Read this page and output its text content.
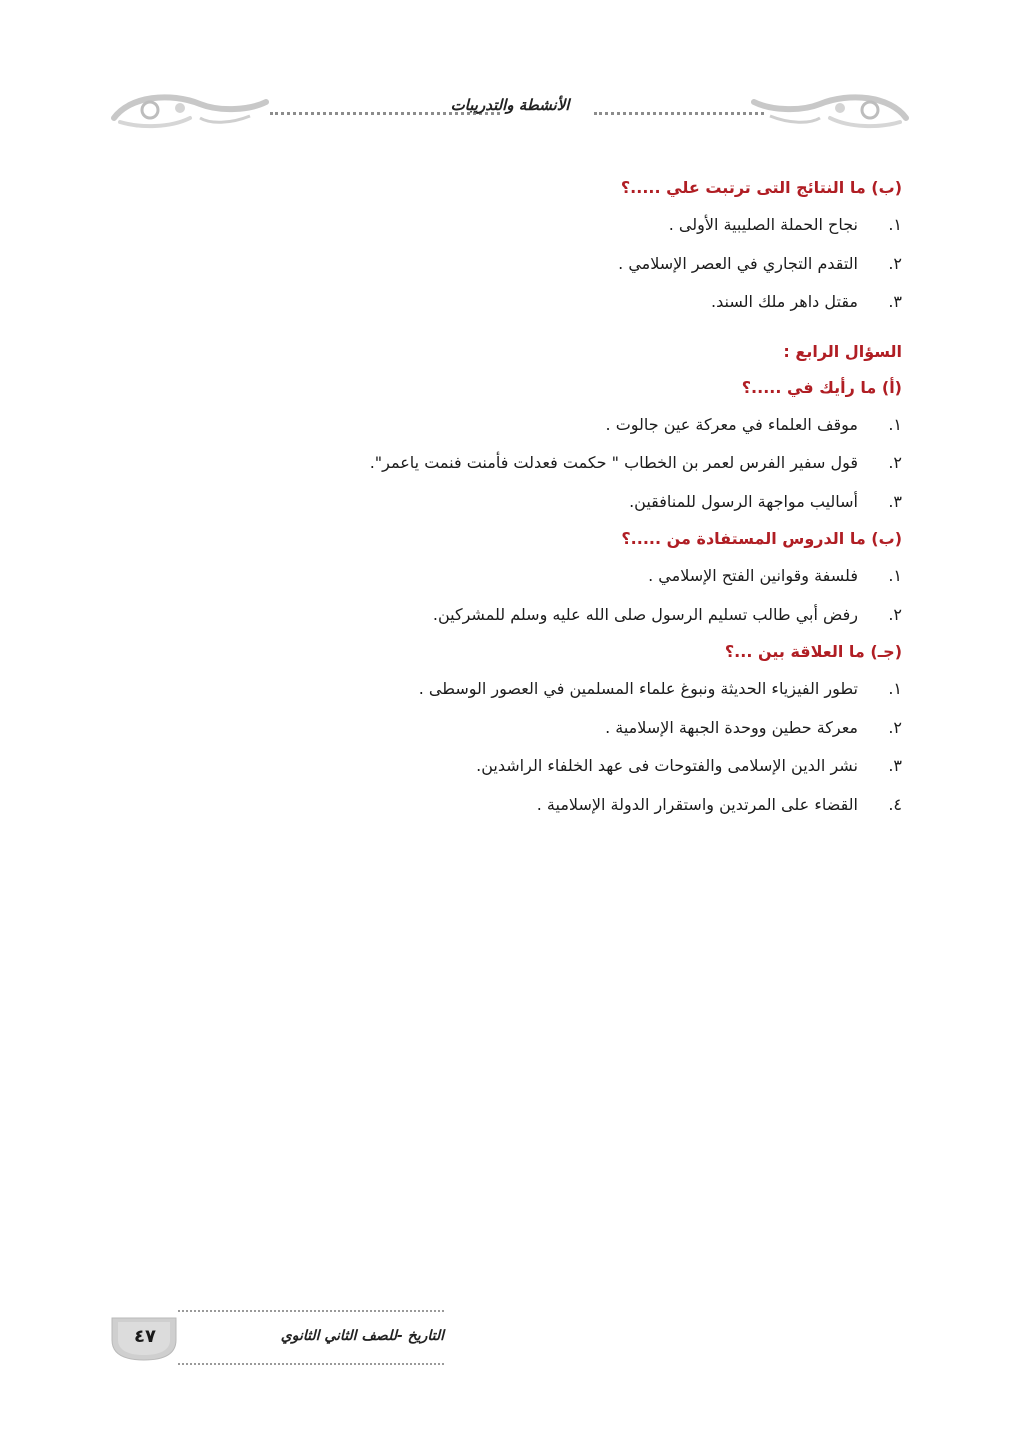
الأنشطة والتدريبات
(ب) ما النتائج التى ترتبت علي .....؟
١.نجاح الحملة الصليبية الأولى .
٢.التقدم التجاري في العصر الإسلامي .
٣.مقتل داهر ملك السند.
السؤال الرابع :
(أ) ما رأيك في .....؟
١.موقف العلماء في معركة عين جالوت .
٢.قول سفير الفرس لعمر بن الخطاب " حكمت فعدلت فأمنت فنمت ياعمر".
٣.أساليب مواجهة الرسول للمنافقين.
(ب) ما الدروس المستفادة من .....؟
١.فلسفة وقوانين الفتح الإسلامي .
٢.رفض أبي طالب تسليم الرسول صلى الله عليه وسلم للمشركين.
(جـ) ما العلاقة بين ...؟
١.تطور الفيزياء الحديثة ونبوغ علماء المسلمين في العصور الوسطى .
٢.معركة حطين ووحدة الجبهة الإسلامية .
٣.نشر الدين الإسلامى والفتوحات فى عهد الخلفاء الراشدين.
٤.القضاء على المرتدين واستقرار الدولة الإسلامية .
٤٧	التاريخ -للصف الثاني الثانوي
